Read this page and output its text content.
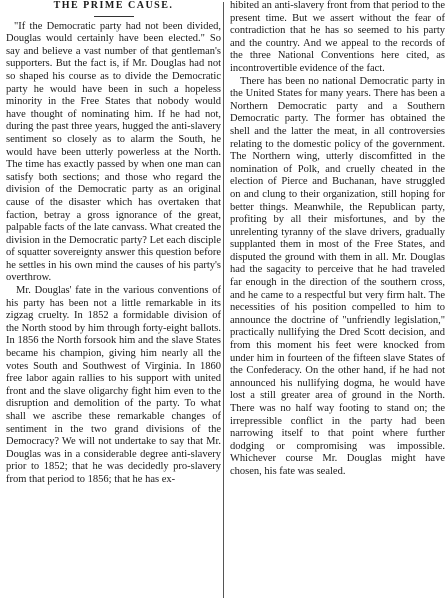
THE PRIME CAUSE.

"If the Democratic party had not been divided, Douglas would certainly have been elected." So say and believe a vast number of that gentleman's supporters. But the fact is, if Mr. Douglas had not so shaped his course as to divide the Democratic party he would have been in such a hopeless minority in the Free States that nobody would have thought of nominating him. If he had not, during the past three years, hugged the anti-slavery sentiment so closely as to alarm the South, he would have been utterly powerless at the North. The time has exactly passed by when one man can satisfy both sections; and those who regard the division of the Democratic party as an original cause of the disaster which has overtaken that faction, betray a gross ignorance of the great, palpable facts of the late canvass. What created the division in the Democratic party? Let each disciple of squatter sovereignty answer this question before he settles in his own mind the causes of his party's overthrow.

Mr. Douglas' fate in the various conventions of his party has been not a little remarkable in its zigzag cruelty. In 1852 a formidable division of the North stood by him through forty-eight ballots. In 1856 the North forsook him and the slave States became his champion, giving him nearly all the votes South and Southwest of Virginia. In 1860 free labor again rallies to his support with united front and the slave oligarchy fight him even to the disruption and demolition of the party. To what shall we ascribe these remarkable changes of sentiment in the two grand divisions of the Democracy? We will not undertake to say that Mr. Douglas was in a considerable degree anti-slavery prior to 1852; that he was decidedly pro-slavery from that period to 1856; that he has ex-

hibited an anti-slavery front from that period to the present time. But we assert without the fear of contradiction that he has so seemed to his party and the country. And we appeal to the records of the three National Conventions here cited, as incontrovertible evidence of the fact.

There has been no national Democratic party in the United States for many years. There has been a Northern Democratic party and a Southern Democratic party. The former has obtained the shell and the latter the meat, in all controversies relating to the domestic policy of the government. The Northern wing, utterly discomfitted in the nomination of Polk, and cruelly cheated in the election of Pierce and Buchanan, have struggled on and clung to their organization, still hoping for better things. Meanwhile, the Republican party, profiting by all their misfortunes, and by the unrelenting tyranny of the slave drivers, gradually supplanted them in most of the Free States, and disputed the ground with them in all. Mr. Douglas had the sagacity to perceive that he had traveled far enough in the direction of the southern cross, and he came to a respectful but very firm halt. The necessities of his position compelled to him to announce the doctrine of "unfriendly legislation," practically nullifying the Dred Scott decision, and from this moment his feet were knocked from under him in fourteen of the fifteen slave States of the Confederacy. On the other hand, if he had not announced his nullifying dogma, he would have lost a still greater area of ground in the North. There was no half way footing to stand on; the irrepressible conflict in the party had been narrowing itself to that point where further dodging or compromising was impossible. Whichever course Mr. Douglas might have chosen, his fate was sealed.
